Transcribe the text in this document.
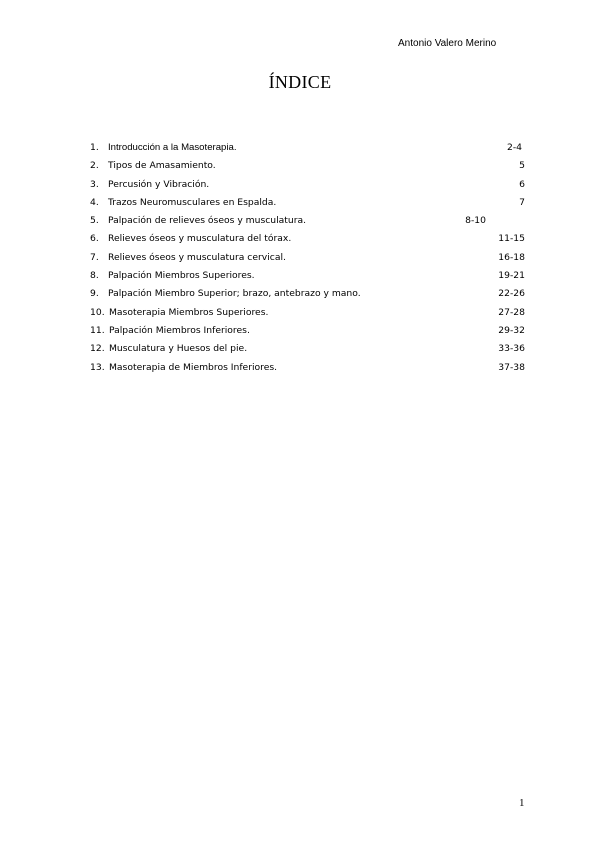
Antonio Valero Merino
ÍNDICE
1. Introducción a la Masoterapia.	2-4
2. Tipos de Amasamiento.	5
3. Percusión y Vibración.	6
4. Trazos Neuromusculares en Espalda.	7
5. Palpación de relieves óseos y musculatura.	8-10
6. Relieves óseos y musculatura del tórax.	11-15
7. Relieves óseos y musculatura cervical.	16-18
8. Palpación Miembros Superiores.	19-21
9. Palpación Miembro Superior; brazo, antebrazo y mano.	22-26
10. Masoterapia Miembros Superiores.	27-28
11. Palpación Miembros Inferiores.	29-32
12. Musculatura y Huesos del pie.	33-36
13. Masoterapia de Miembros Inferiores.	37-38
1
